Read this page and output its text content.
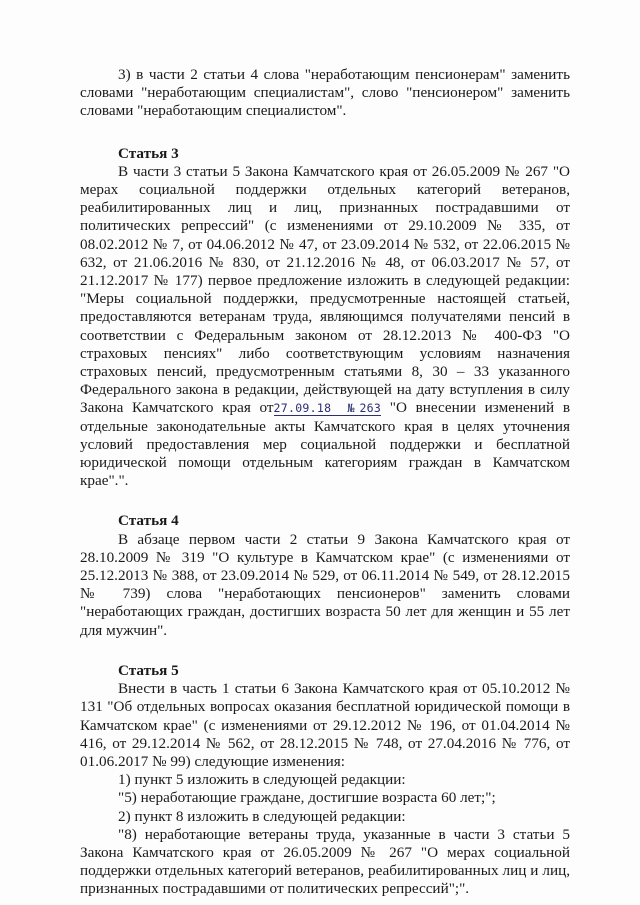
3) в части 2 статьи 4 слова "неработающим пенсионерам" заменить словами "неработающим специалистам", слово "пенсионером" заменить словами "неработающим специалистом".

Статья 3

В части 3 статьи 5 Закона Камчатского края от 26.05.2009 № 267 "О мерах социальной поддержки отдельных категорий ветеранов, реабилитированных лиц и лиц, признанных пострадавшими от политических репрессий" (с изменениями от 29.10.2009 № 335, от 08.02.2012 № 7, от 04.06.2012 № 47, от 23.09.2014 № 532, от 22.06.2015 № 632, от 21.06.2016 № 830, от 21.12.2016 № 48, от 06.03.2017 № 57, от 21.12.2017 № 177) первое предложение изложить в следующей редакции: "Меры социальной поддержки, предусмотренные настоящей статьей, предоставляются ветеранам труда, являющимся получателями пенсий в соответствии с Федеральным законом от 28.12.2013 № 400-ФЗ "О страховых пенсиях" либо соответствующим условиям назначения страховых пенсий, предусмотренным статьями 8, 30 – 33 указанного Федерального закона в редакции, действующей на дату вступления в силу Закона Камчатского края от27.09.18 №263 "О внесении изменений в отдельные законодательные акты Камчатского края в целях уточнения условий предоставления мер социальной поддержки и бесплатной юридической помощи отдельным категориям граждан в Камчатском крае".".

Статья 4

В абзаце первом части 2 статьи 9 Закона Камчатского края от 28.10.2009 № 319 "О культуре в Камчатском крае" (с изменениями от 25.12.2013 № 388, от 23.09.2014 № 529, от 06.11.2014 № 549, от 28.12.2015 № 739) слова "неработающих пенсионеров" заменить словами "неработающих граждан, достигших возраста 50 лет для женщин и 55 лет для мужчин".

Статья 5

Внести в часть 1 статьи 6 Закона Камчатского края от 05.10.2012 № 131 "Об отдельных вопросах оказания бесплатной юридической помощи в Камчатском крае" (с изменениями от 29.12.2012 № 196, от 01.04.2014 № 416, от 29.12.2014 № 562, от 28.12.2015 № 748, от 27.04.2016 № 776, от 01.06.2017 № 99) следующие изменения:

1) пункт 5 изложить в следующей редакции:

"5) неработающие граждане, достигшие возраста 60 лет;";

2) пункт 8 изложить в следующей редакции:

"8) неработающие ветераны труда, указанные в части 3 статьи 5 Закона Камчатского края от 26.05.2009 № 267 "О мерах социальной поддержки отдельных категорий ветеранов, реабилитированных лиц и лиц, признанных пострадавшими от политических репрессий";".
